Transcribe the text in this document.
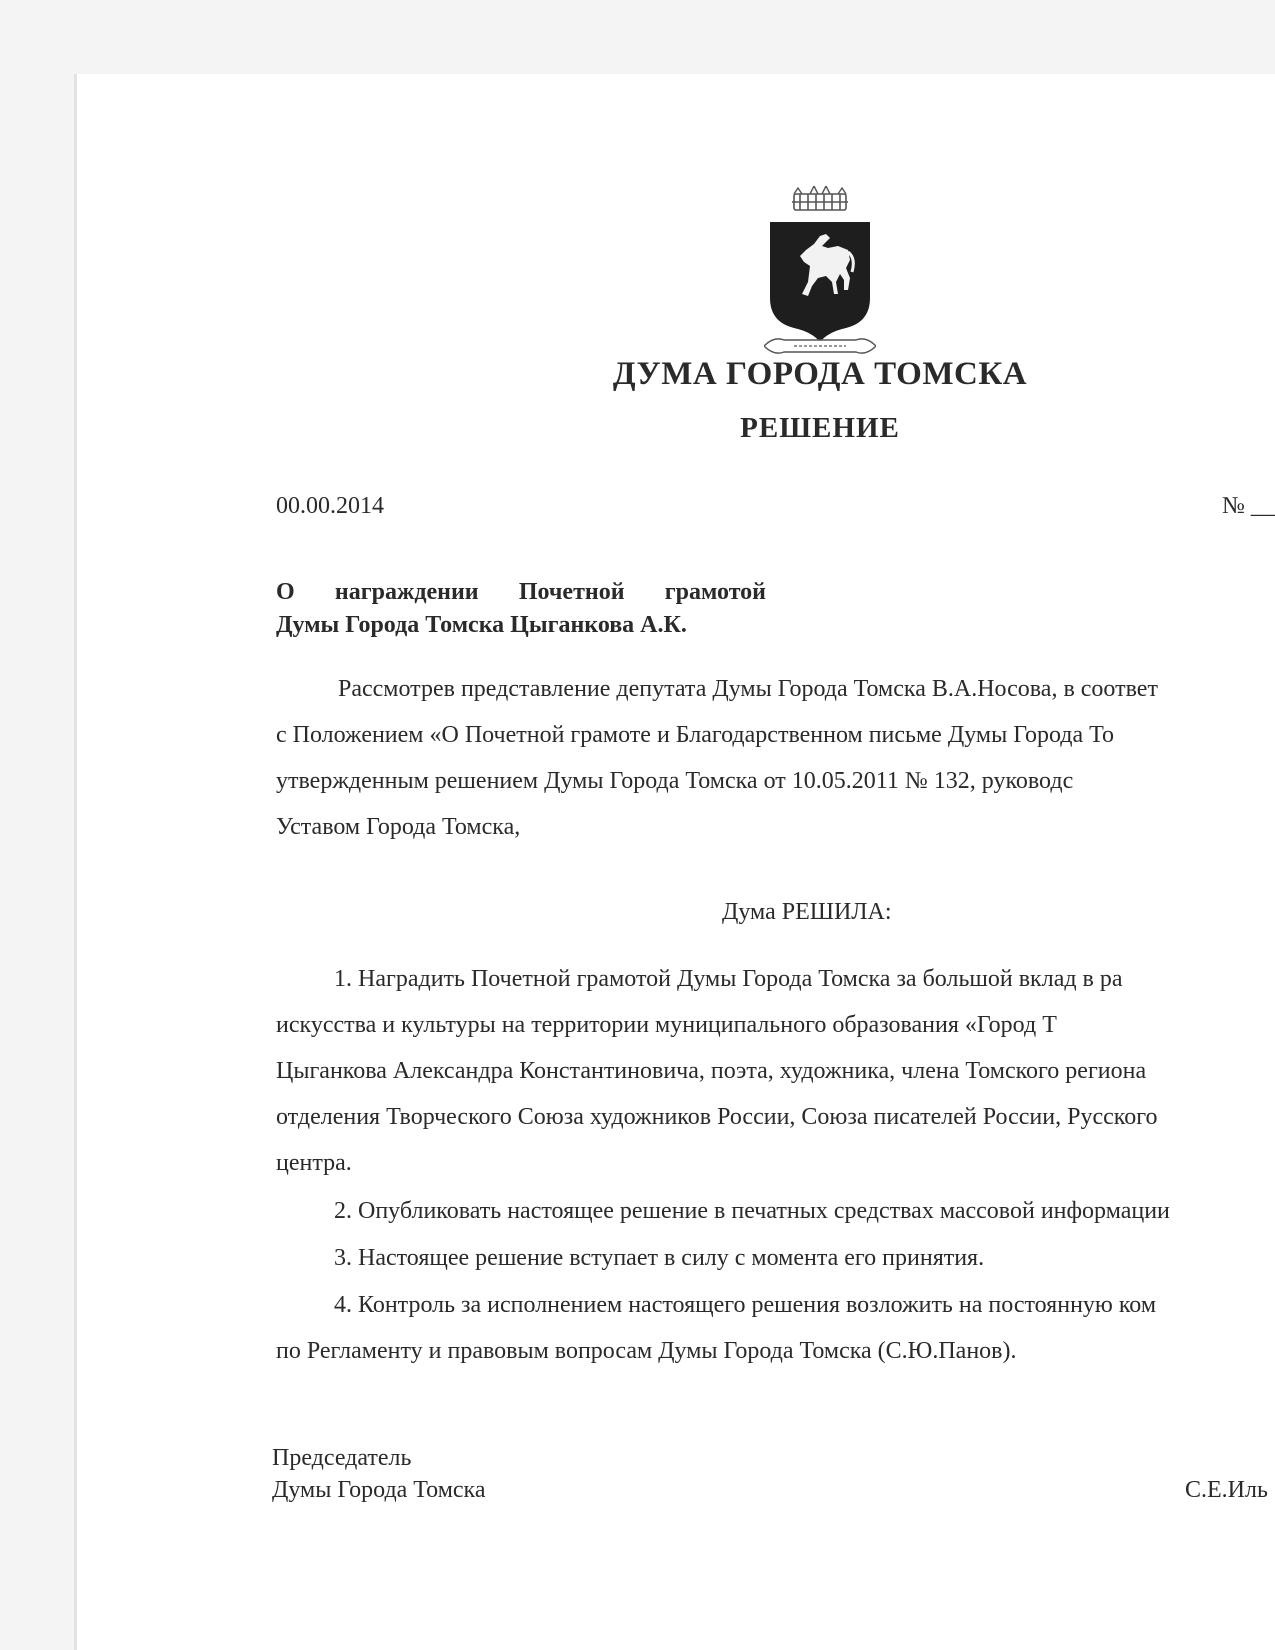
ДУМА ГОРОДА ТОМСКА
РЕШЕНИЕ
00.00.2014	№ __
О награждении Почетной грамотой
Думы Города Томска Цыганкова А.К.
Рассмотрев представление депутата Думы Города Томска В.А.Носова, в соответ
с Положением «О Почетной грамоте и Благодарственном письме Думы Города То
утвержденным решением Думы Города Томска от 10.05.2011 № 132, руководс
Уставом Города Томска,
Дума РЕШИЛА:
1. Наградить Почетной грамотой Думы Города Томска за большой вклад в ра
искусства и культуры на территории муниципального образования «Город Т
Цыганкова Александра Константиновича, поэта, художника, члена Томского региона
отделения Творческого Союза художников России, Союза писателей России, Русского
центра.
2. Опубликовать настоящее решение в печатных средствах массовой информации
3. Настоящее решение вступает в силу с момента его принятия.
4. Контроль за исполнением настоящего решения возложить на постоянную ком
по Регламенту и правовым вопросам Думы Города Томска (С.Ю.Панов).
Председатель
Думы Города Томска	С.Е.Иль
